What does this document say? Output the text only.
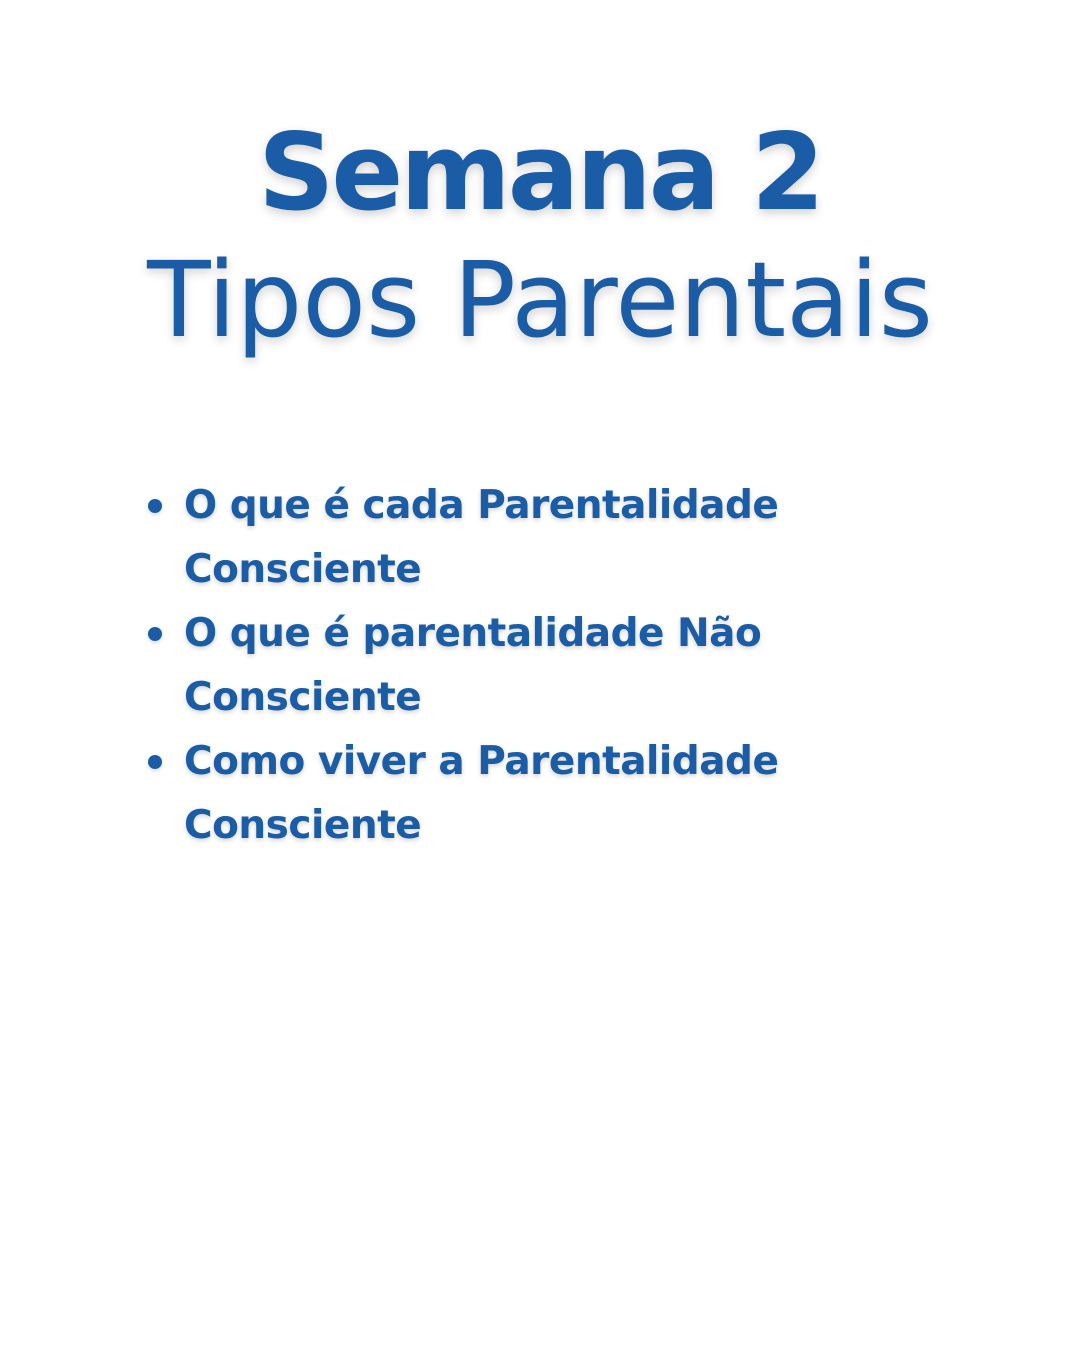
Semana 2
Tipos Parentais
O que é cada Parentalidade Consciente
O que é parentalidade Não Consciente
Como viver a Parentalidade Consciente
